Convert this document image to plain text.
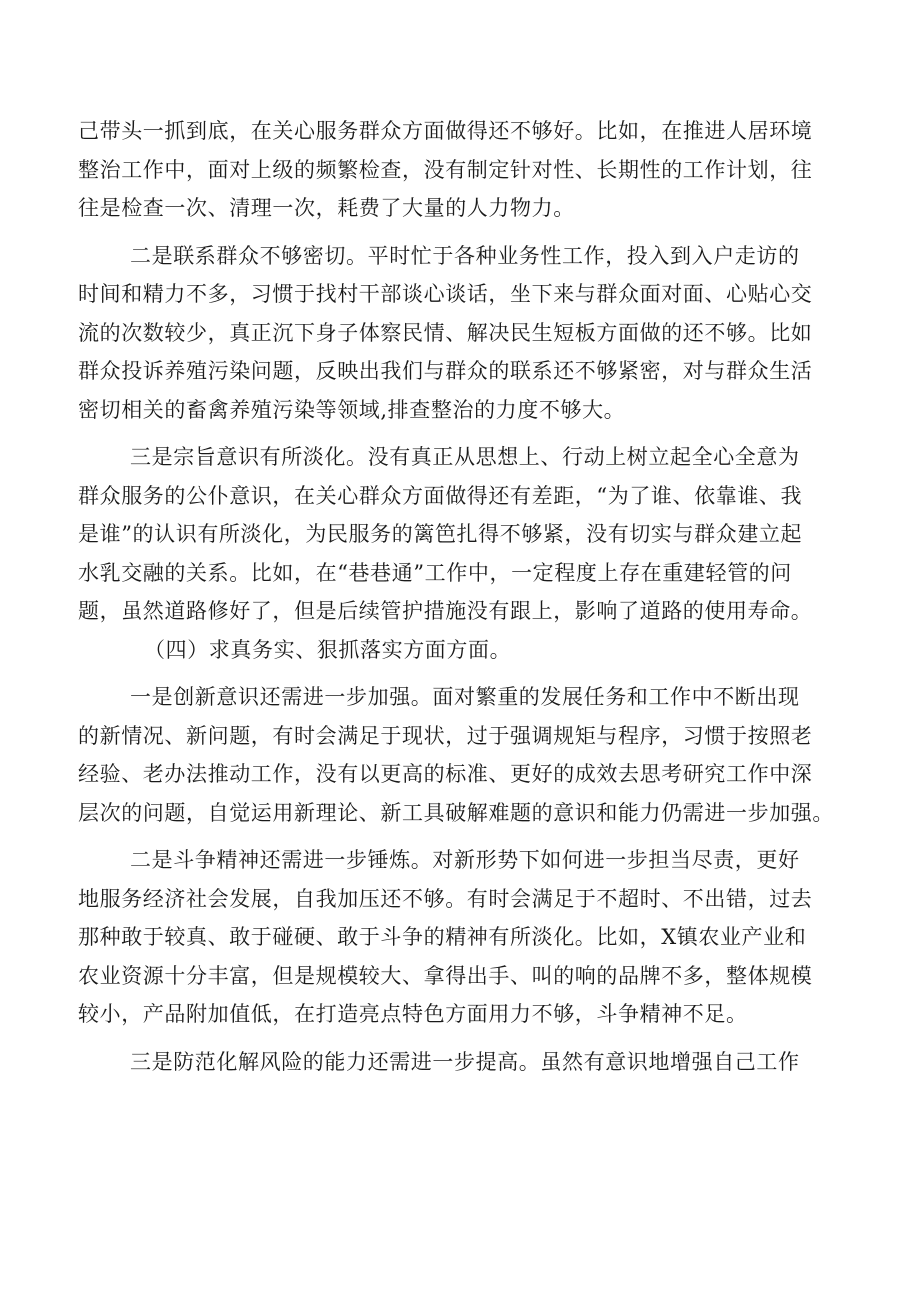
己带头一抓到底，在关心服务群众方面做得还不够好。比如，在推进人居环境
整治工作中，面对上级的频繁检查，没有制定针对性、长期性的工作计划，往
往是检查一次、清理一次，耗费了大量的人力物力。
二是联系群众不够密切。平时忙于各种业务性工作，投入到入户走访的
时间和精力不多，习惯于找村干部谈心谈话，坐下来与群众面对面、心贴心交
流的次数较少，真正沉下身子体察民情、解决民生短板方面做的还不够。比如
群众投诉养殖污染问题，反映出我们与群众的联系还不够紧密，对与群众生活
密切相关的畜禽养殖污染等领域,排查整治的力度不够大。
三是宗旨意识有所淡化。没有真正从思想上、行动上树立起全心全意为
群众服务的公仆意识，在关心群众方面做得还有差距，“为了谁、依靠谁、我
是谁”的认识有所淡化，为民服务的篱笆扎得不够紧，没有切实与群众建立起
水乳交融的关系。比如，在“巷巷通”工作中，一定程度上存在重建轻管的问
题，虽然道路修好了，但是后续管护措施没有跟上，影响了道路的使用寿命。
（四）求真务实、狠抓落实方面方面。
一是创新意识还需进一步加强。面对繁重的发展任务和工作中不断出现
的新情况、新问题，有时会满足于现状，过于强调规矩与程序，习惯于按照老
经验、老办法推动工作，没有以更高的标准、更好的成效去思考研究工作中深
层次的问题，自觉运用新理论、新工具破解难题的意识和能力仍需进一步加强。
二是斗争精神还需进一步锤炼。对新形势下如何进一步担当尽责，更好
地服务经济社会发展，自我加压还不够。有时会满足于不超时、不出错，过去
那种敢于较真、敢于碰硬、敢于斗争的精神有所淡化。比如，X镇农业产业和
农业资源十分丰富，但是规模较大、拿得出手、叫的响的品牌不多，整体规模
较小，产品附加值低，在打造亮点特色方面用力不够，斗争精神不足。
三是防范化解风险的能力还需进一步提高。虽然有意识地增强自己工作
